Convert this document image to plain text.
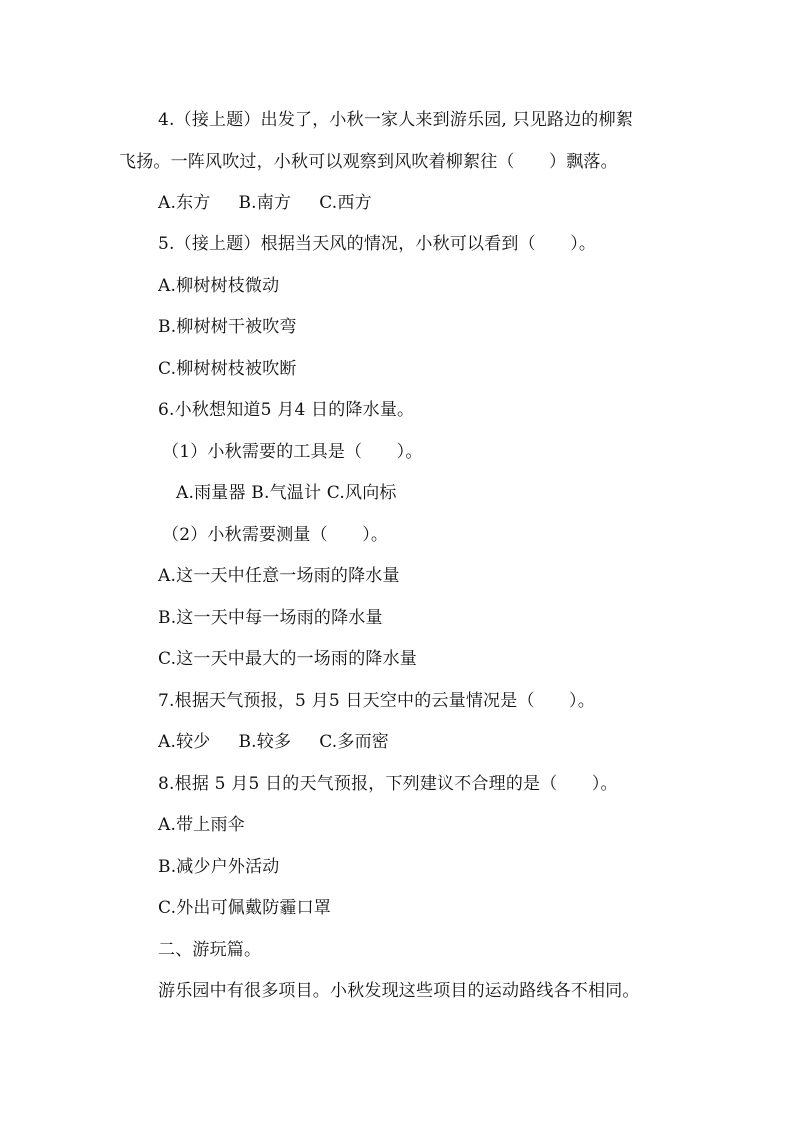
4.（接上题）出发了，小秋一家人来到游乐园, 只见路边的柳絮
飞扬。一阵风吹过，小秋可以观察到风吹着柳絮往（　　）飘落。
A.东方 B.南方 C.西方
5.（接上题）根据当天风的情况，小秋可以看到（　　）。
A.柳树树枝微动
B.柳树树干被吹弯
C.柳树树枝被吹断
6.小秋想知道5 月4 日的降水量。
（1）小秋需要的工具是（　　）。
A.雨量器 B.气温计 C.风向标
（2）小秋需要测量（　　）。
A.这一天中任意一场雨的降水量
B.这一天中每一场雨的降水量
C.这一天中最大的一场雨的降水量
7.根据天气预报，5 月5 日天空中的云量情况是（　　）。
A.较少 B.较多 C.多而密
8.根据 5 月5 日的天气预报，下列建议不合理的是（　　）。
A.带上雨伞
B.减少户外活动
C.外出可佩戴防霾口罩
二、游玩篇。
游乐园中有很多项目。小秋发现这些项目的运动路线各不相同。
